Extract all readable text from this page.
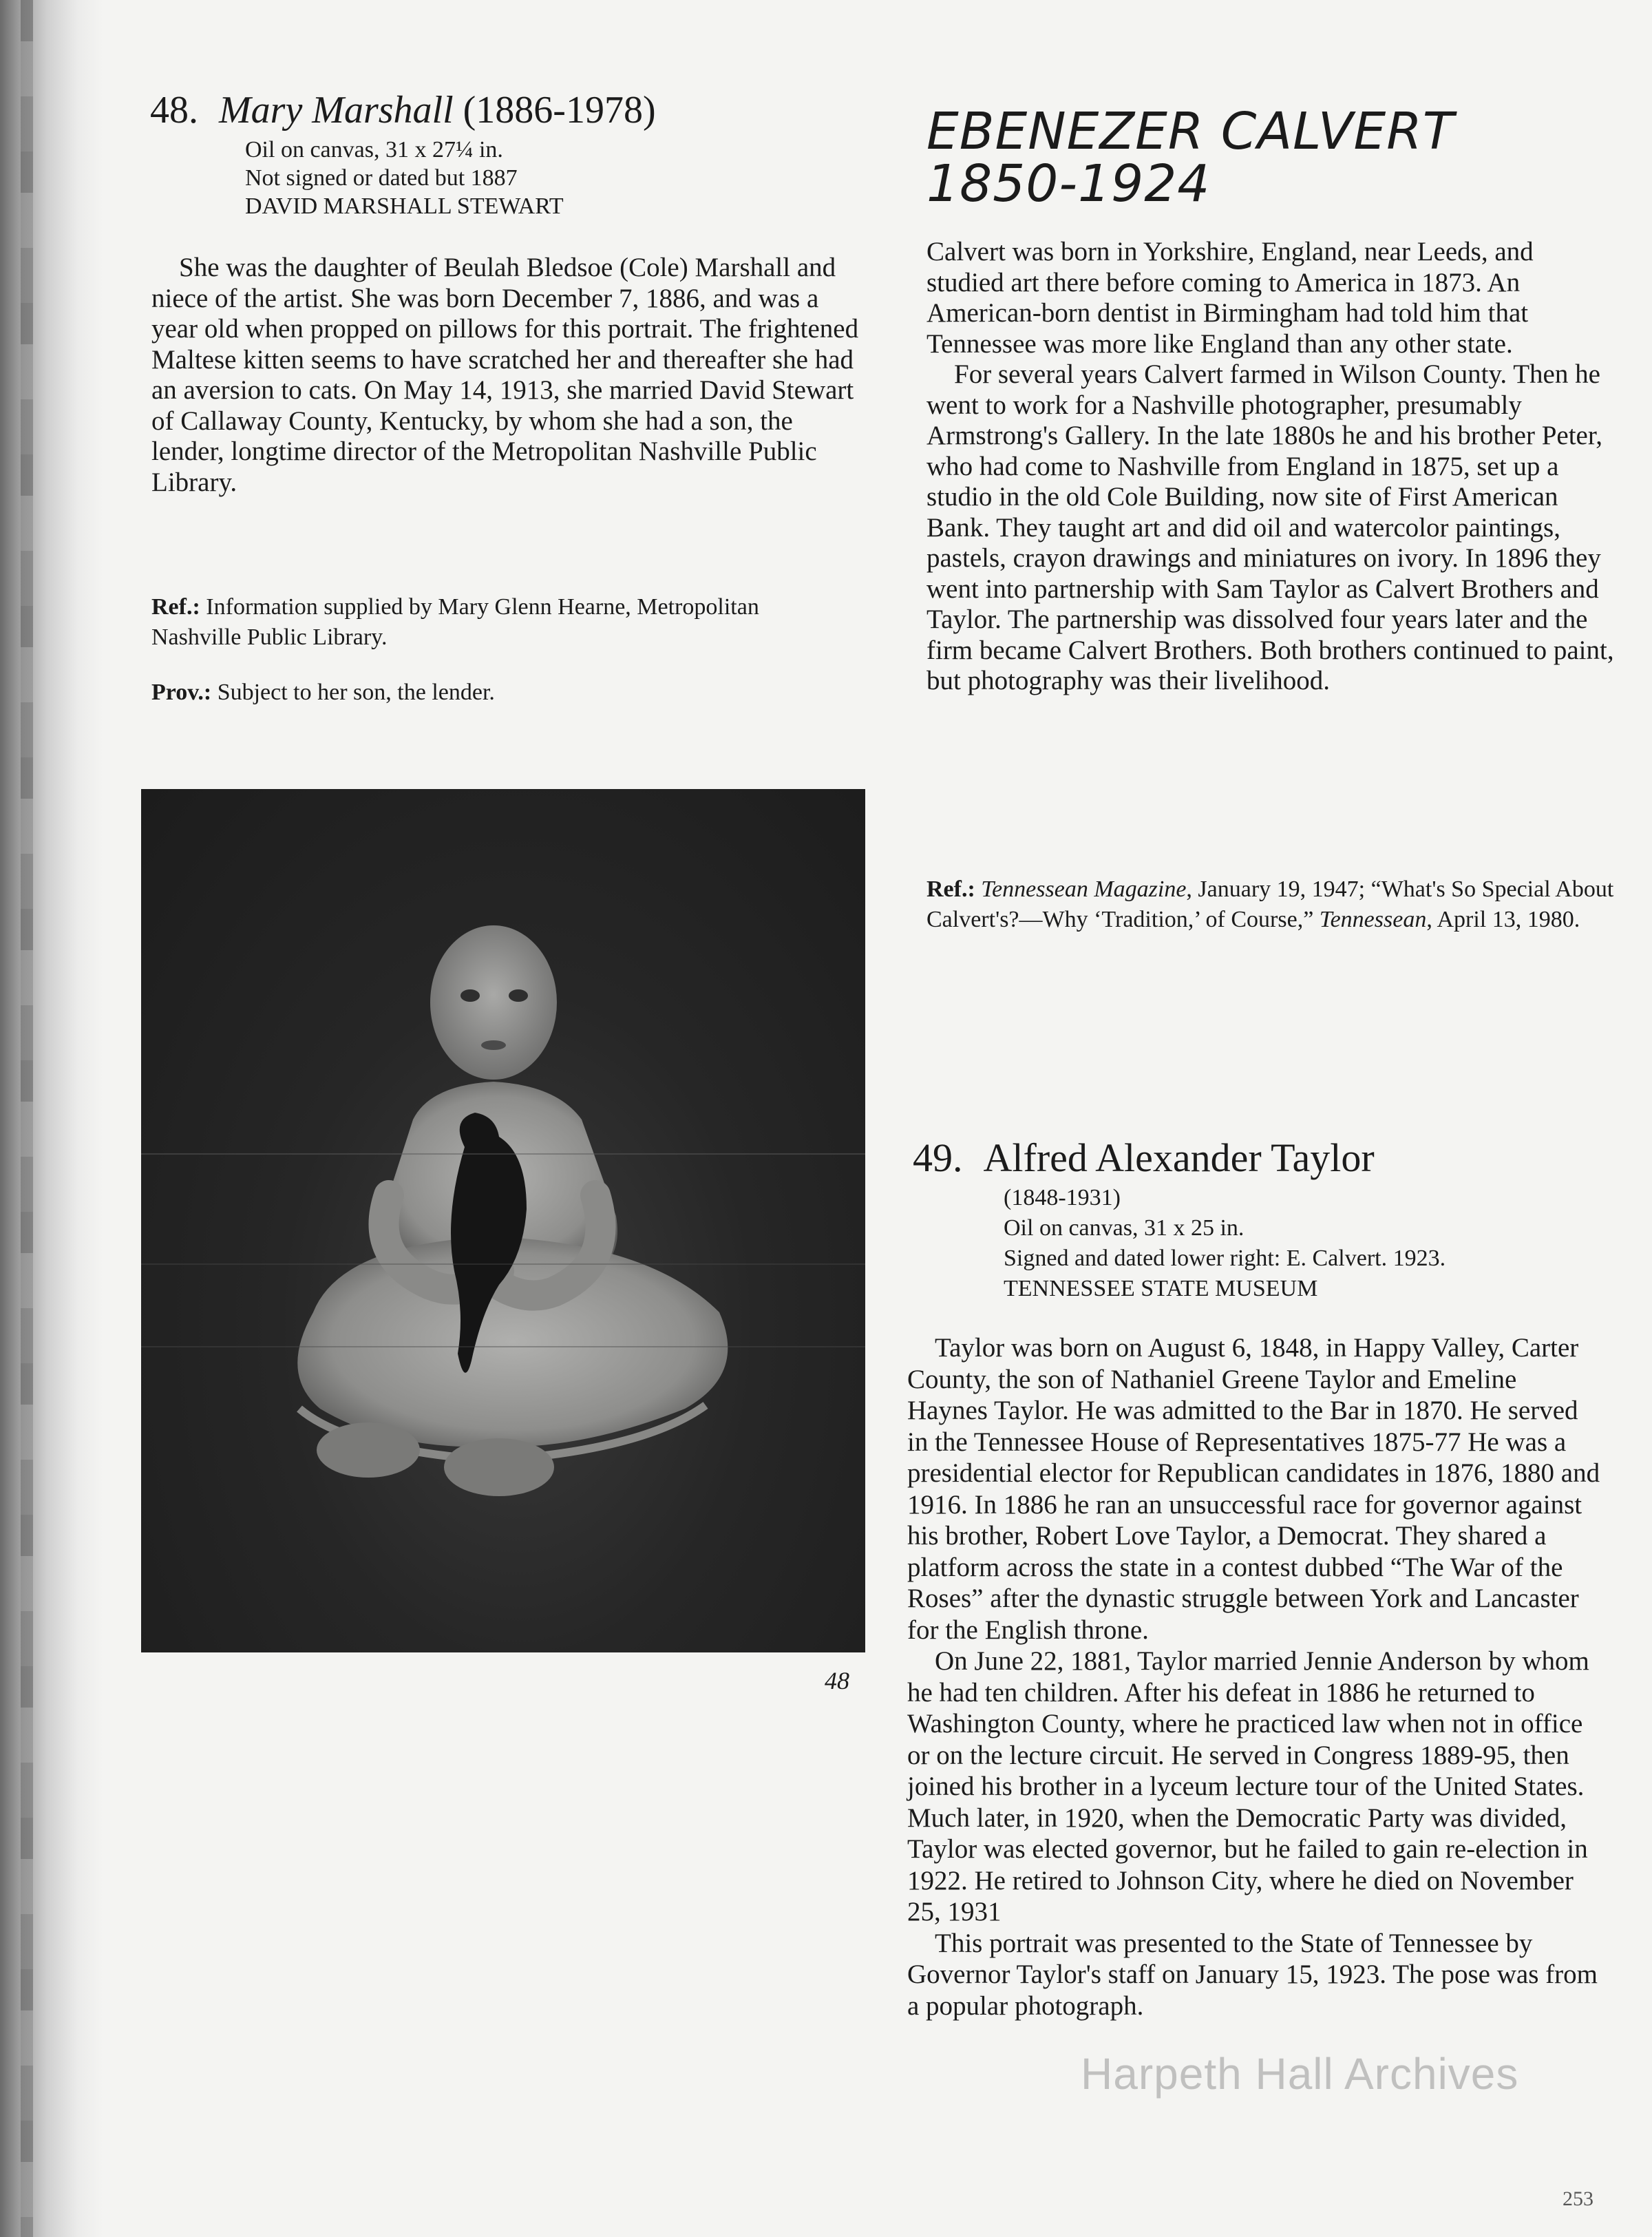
48. Mary Marshall (1886-1978)
Oil on canvas, 31 x 27¼ in.
Not signed or dated but 1887
DAVID MARSHALL STEWART

She was the daughter of Beulah Bledsoe (Cole) Marshall and niece of the artist. She was born December 7, 1886, and was a year old when propped on pillows for this portrait. The frightened Maltese kitten seems to have scratched her and thereafter she had an aversion to cats. On May 14, 1913, she married David Stewart of Callaway County, Kentucky, by whom she had a son, the lender, longtime director of the Metropolitan Nashville Public Library.

Ref.: Information supplied by Mary Glenn Hearne, Metropolitan Nashville Public Library.
Prov.: Subject to her son, the lender.
48
EBENEZER CALVERT
1850-1924

Calvert was born in Yorkshire, England, near Leeds, and studied art there before coming to America in 1873. An American-born dentist in Birmingham had told him that Tennessee was more like England than any other state.

For several years Calvert farmed in Wilson County. Then he went to work for a Nashville photographer, presumably Armstrong's Gallery. In the late 1880s he and his brother Peter, who had come to Nashville from England in 1875, set up a studio in the old Cole Building, now site of First American Bank. They taught art and did oil and watercolor paintings, pastels, crayon drawings and miniatures on ivory. In 1896 they went into partnership with Sam Taylor as Calvert Brothers and Taylor. The partnership was dissolved four years later and the firm became Calvert Brothers. Both brothers continued to paint, but photography was their livelihood.

Ref.: Tennessean Magazine, January 19, 1947; “What's So Special About Calvert's?—Why ‘Tradition,’ of Course,” Tennessean, April 13, 1980.
49. Alfred Alexander Taylor
(1848-1931)
Oil on canvas, 31 x 25 in.
Signed and dated lower right: E. Calvert. 1923.
TENNESSEE STATE MUSEUM

Taylor was born on August 6, 1848, in Happy Valley, Carter County, the son of Nathaniel Greene Taylor and Emeline Haynes Taylor. He was admitted to the Bar in 1870. He served in the Tennessee House of Representatives 1875-77 He was a presidential elector for Republican candidates in 1876, 1880 and 1916. In 1886 he ran an unsuccessful race for governor against his brother, Robert Love Taylor, a Democrat. They shared a platform across the state in a contest dubbed “The War of the Roses” after the dynastic struggle between York and Lancaster for the English throne.

On June 22, 1881, Taylor married Jennie Anderson by whom he had ten children. After his defeat in 1886 he returned to Washington County, where he practiced law when not in office or on the lecture circuit. He served in Congress 1889-95, then joined his brother in a lyceum lecture tour of the United States. Much later, in 1920, when the Democratic Party was divided, Taylor was elected governor, but he failed to gain re-election in 1922. He retired to Johnson City, where he died on November 25, 1931

This portrait was presented to the State of Tennessee by Governor Taylor's staff on January 15, 1923. The pose was from a popular photograph.

Harpeth Hall Archives
253
